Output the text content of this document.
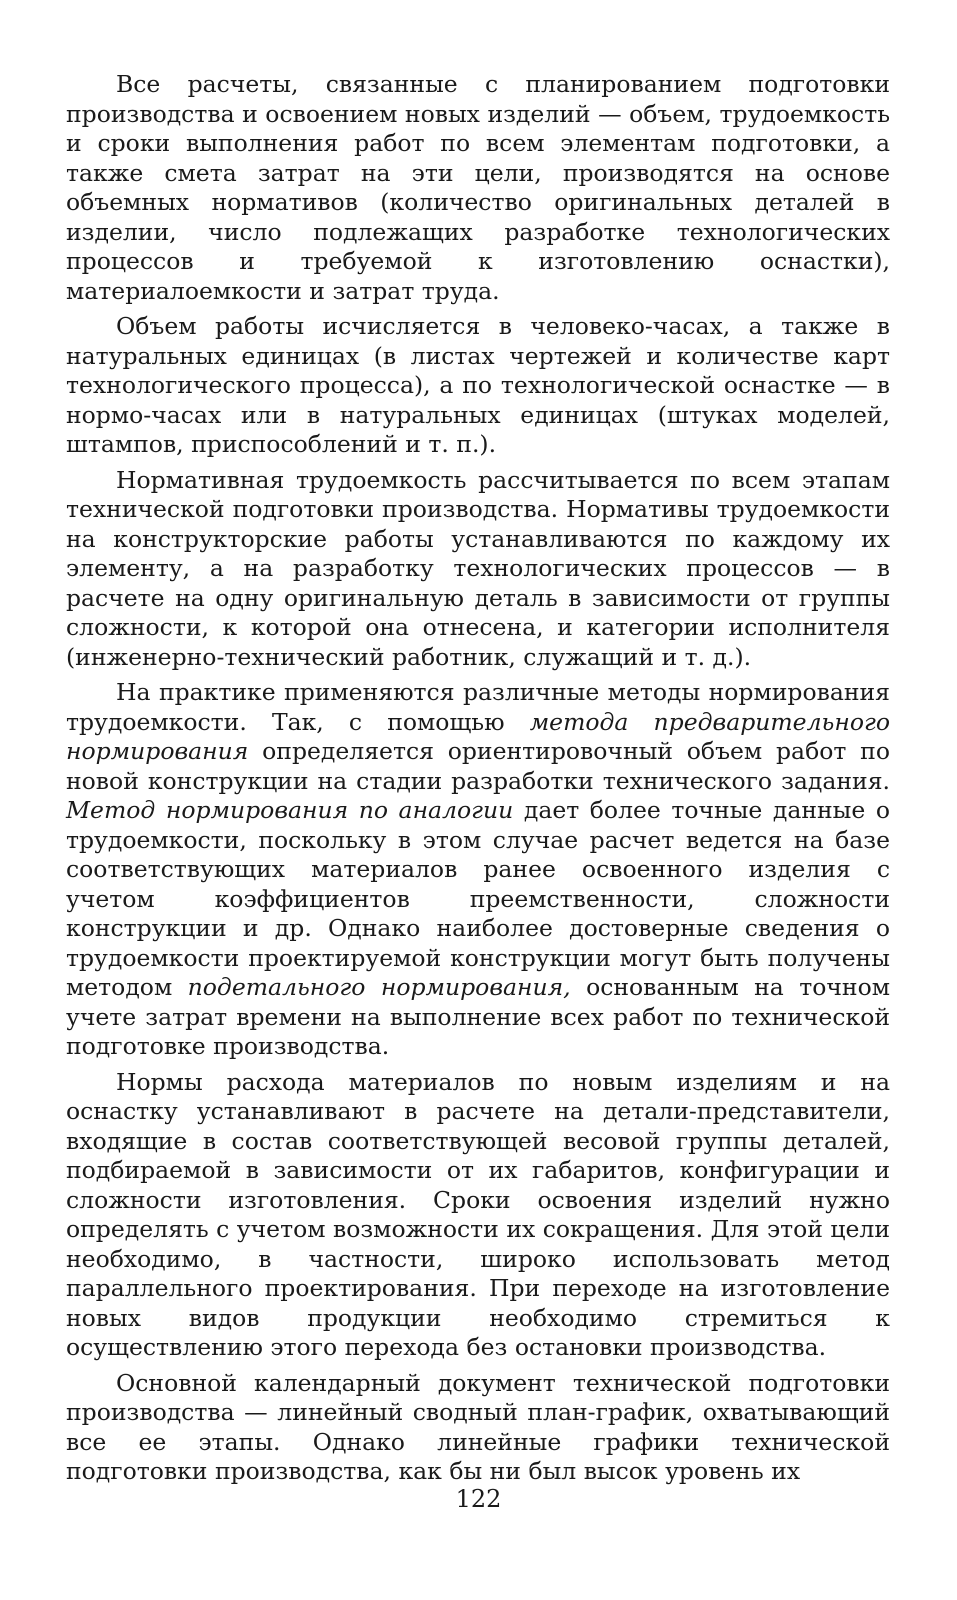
Все расчеты, связанные с планированием подготовки производства и освоением новых изделий — объем, трудоемкость и сроки выполнения работ по всем элементам подготовки, а также смета затрат на эти цели, производятся на основе объемных нормативов (количество оригинальных деталей в изделии, число подлежащих разработке технологических процессов и требуемой к изготовлению оснастки), материалоемкости и затрат труда.

Объем работы исчисляется в человеко-часах, а также в натуральных единицах (в листах чертежей и количестве карт технологического процесса), а по технологической оснастке — в нормо-часах или в натуральных единицах (штуках моделей, штампов, приспособлений и т. п.).

Нормативная трудоемкость рассчитывается по всем этапам технической подготовки производства. Нормативы трудоемкости на конструкторские работы устанавливаются по каждому их элементу, а на разработку технологических процессов — в расчете на одну оригинальную деталь в зависимости от группы сложности, к которой она отнесена, и категории исполнителя (инженерно-технический работник, служащий и т. д.).

На практике применяются различные методы нормирования трудоемкости. Так, с помощью метода предварительного нормирования определяется ориентировочный объем работ по новой конструкции на стадии разработки технического задания. Метод нормирования по аналогии дает более точные данные о трудоемкости, поскольку в этом случае расчет ведется на базе соответствующих материалов ранее освоенного изделия с учетом коэффициентов преемственности, сложности конструкции и др. Однако наиболее достоверные сведения о трудоемкости проектируемой конструкции могут быть получены методом подетального нормирования, основанным на точном учете затрат времени на выполнение всех работ по технической подготовке производства.

Нормы расхода материалов по новым изделиям и на оснастку устанавливают в расчете на детали-представители, входящие в состав соответствующей весовой группы деталей, подбираемой в зависимости от их габаритов, конфигурации и сложности изготовления. Сроки освоения изделий нужно определять с учетом возможности их сокращения. Для этой цели необходимо, в частности, широко использовать метод параллельного проектирования. При переходе на изготовление новых видов продукции необходимо стремиться к осуществлению этого перехода без остановки производства.

Основной календарный документ технической подготовки производства — линейный сводный план-график, охватывающий все ее этапы. Однако линейные графики технической подготовки производства, как бы ни был высок уровень их

122
